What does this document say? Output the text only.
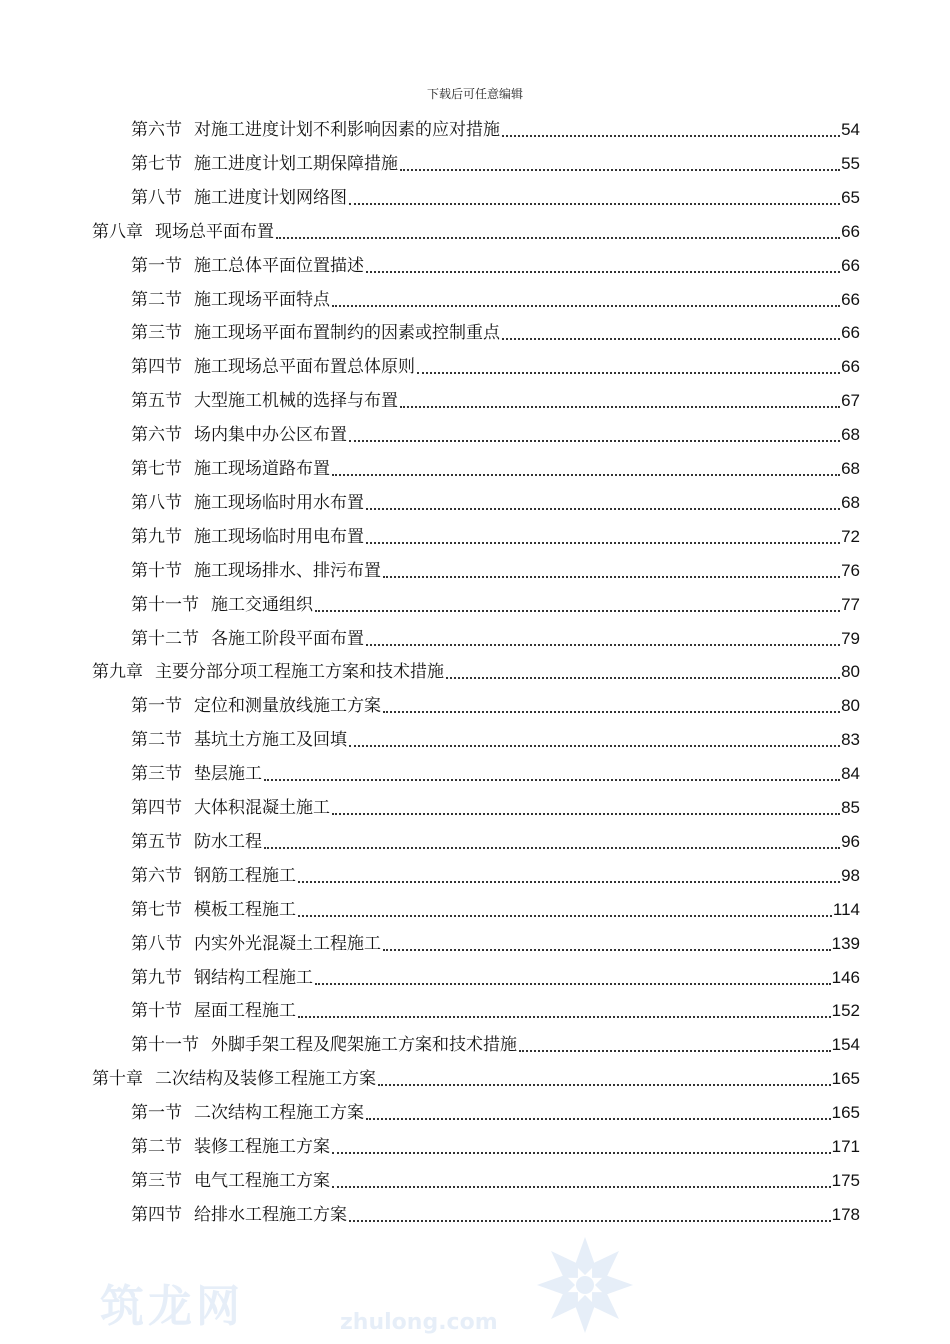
下载后可任意编辑
第六节 对施工进度计划不利影响因素的应对措施	54
第七节 施工进度计划工期保障措施	55
第八节 施工进度计划网络图	65
第八章 现场总平面布置	66
第一节 施工总体平面位置描述	66
第二节 施工现场平面特点	66
第三节 施工现场平面布置制约的因素或控制重点	66
第四节 施工现场总平面布置总体原则	66
第五节 大型施工机械的选择与布置	67
第六节 场内集中办公区布置	68
第七节 施工现场道路布置	68
第八节 施工现场临时用水布置	68
第九节 施工现场临时用电布置	72
第十节 施工现场排水、排污布置	76
第十一节 施工交通组织	77
第十二节 各施工阶段平面布置	79
第九章 主要分部分项工程施工方案和技术措施	80
第一节 定位和测量放线施工方案	80
第二节 基坑土方施工及回填	83
第三节 垫层施工	84
第四节 大体积混凝土施工	85
第五节 防水工程	96
第六节 钢筋工程施工	98
第七节 模板工程施工	114
第八节 内实外光混凝土工程施工	139
第九节 钢结构工程施工	146
第十节 屋面工程施工	152
第十一节 外脚手架工程及爬架施工方案和技术措施	154
第十章 二次结构及装修工程施工方案	165
第一节 二次结构工程施工方案	165
第二节 装修工程施工方案	171
第三节 电气工程施工方案	175
第四节 给排水工程施工方案	178
筑龙网	zhulong.com
